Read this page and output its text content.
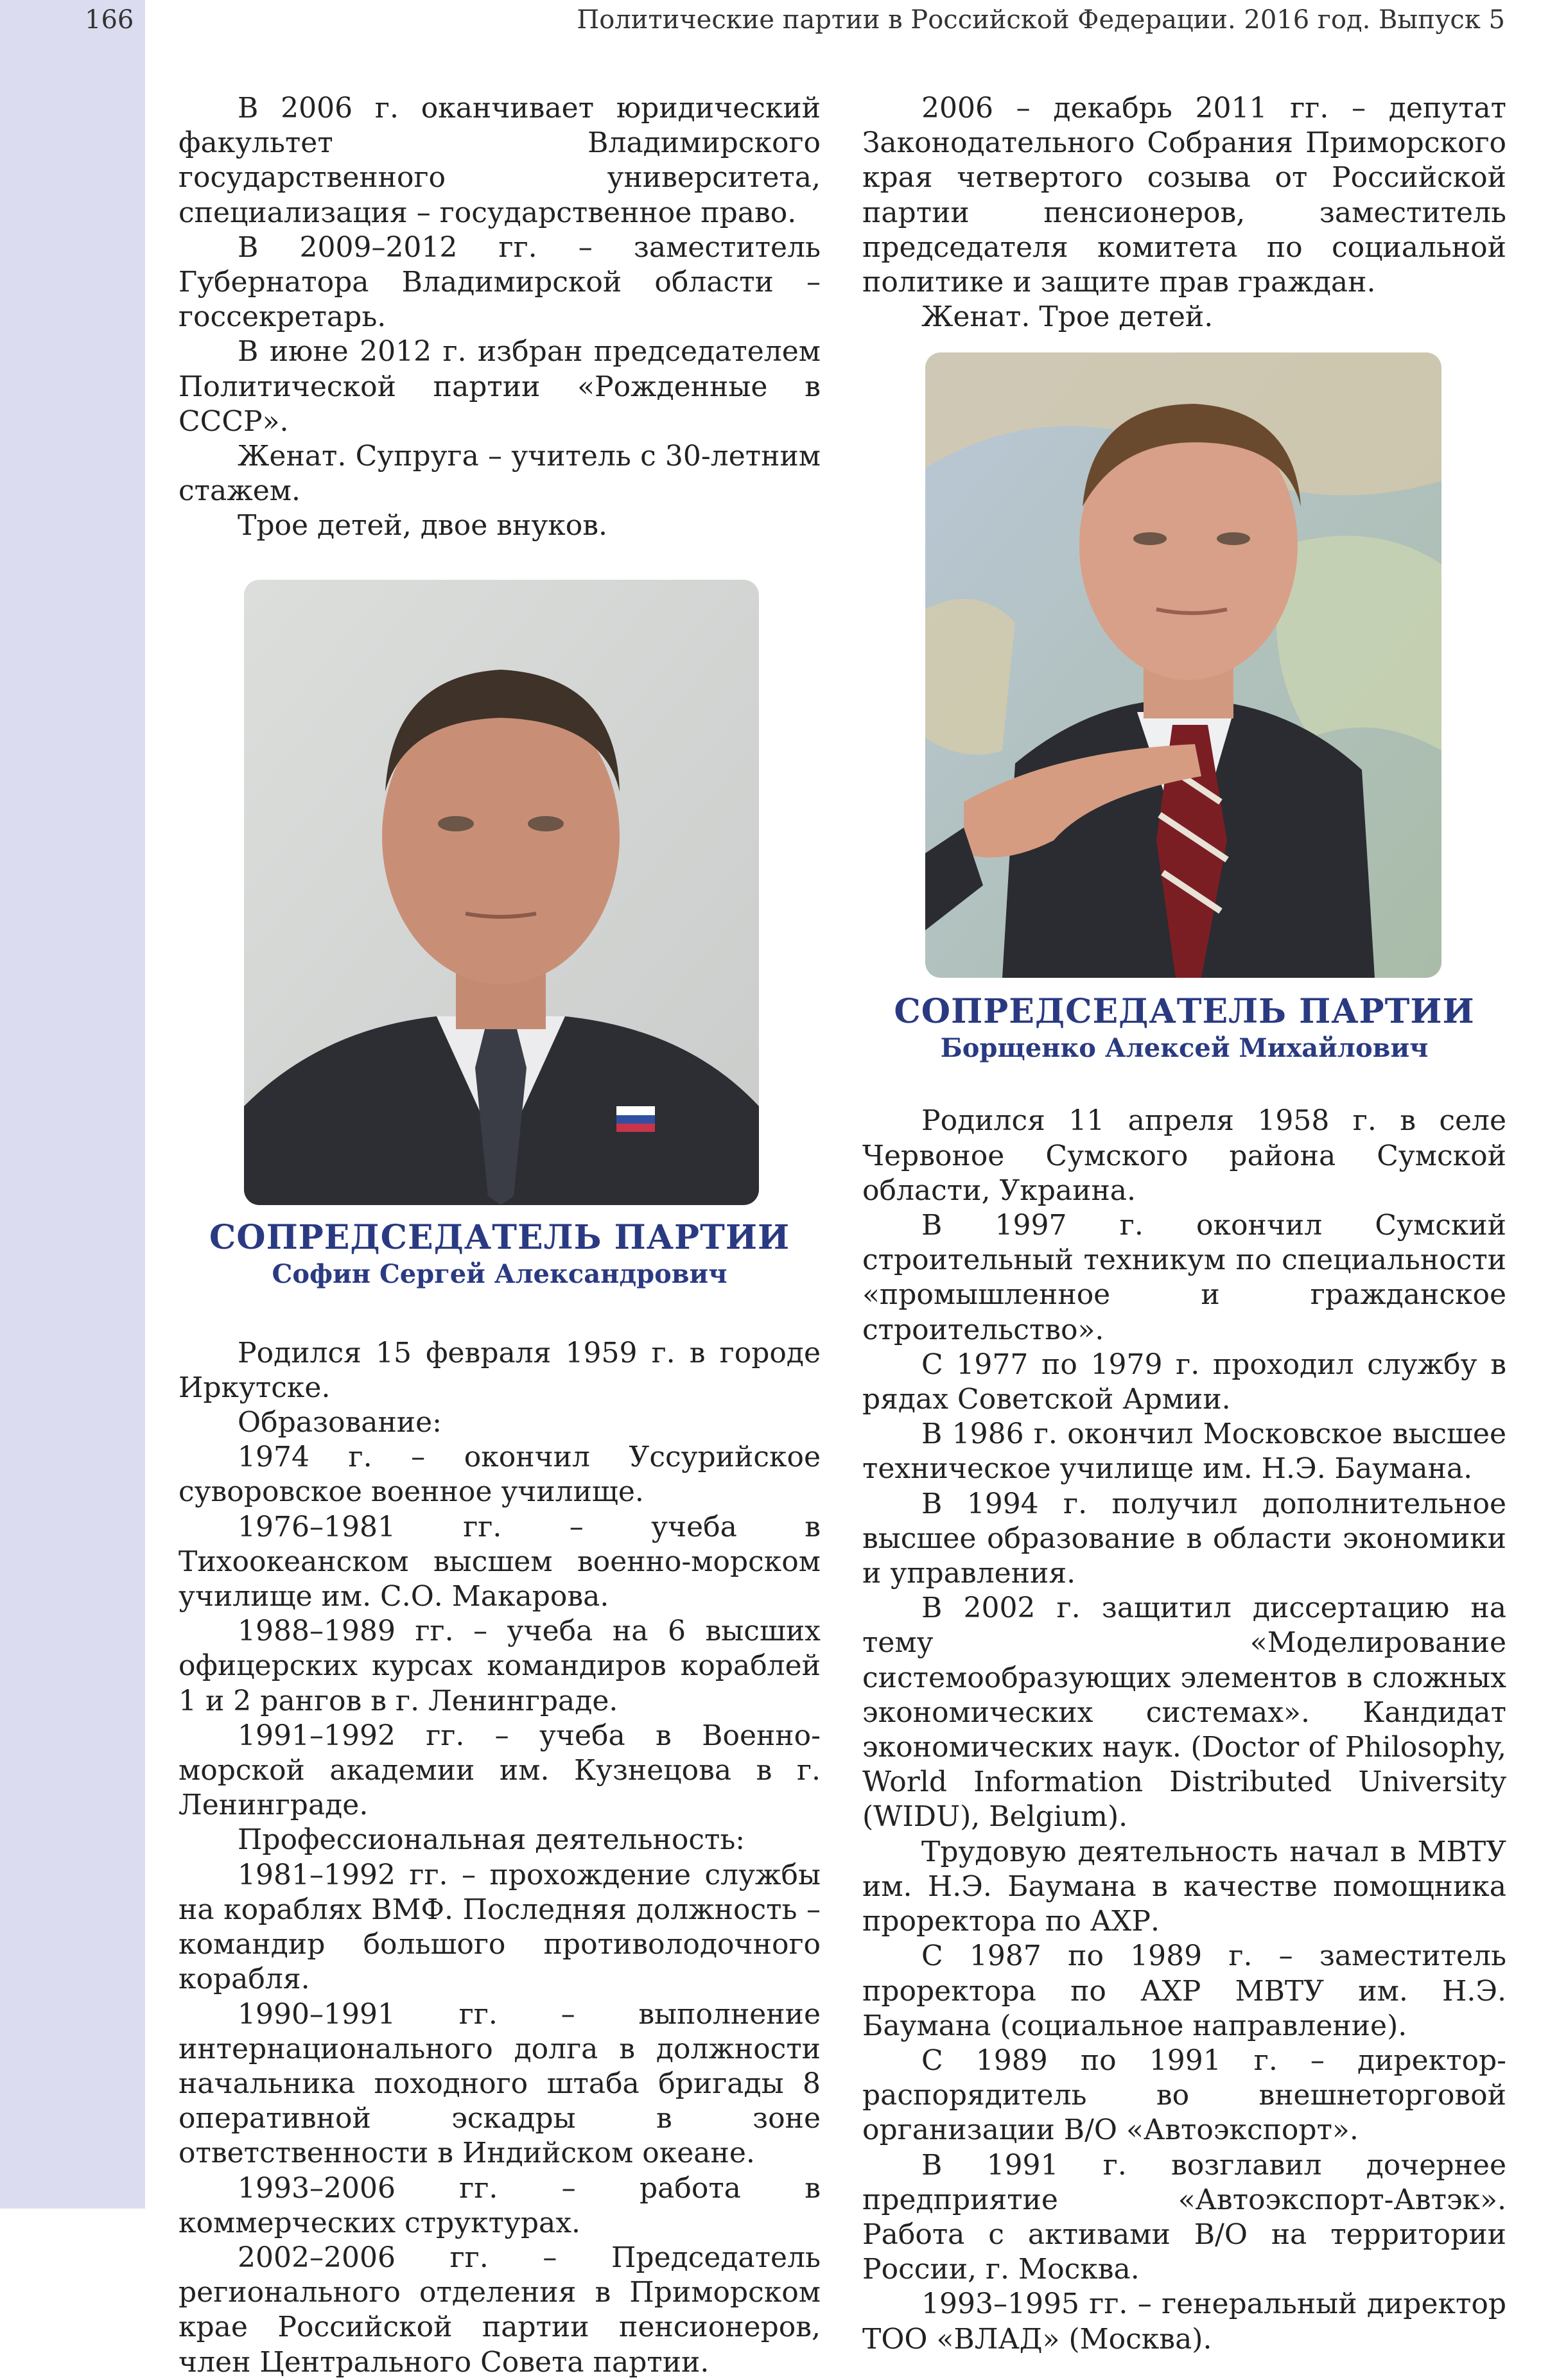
166	Политические партии в Российской Федерации. 2016 год. Выпуск 5

В 2006 г. оканчивает юридический факультет Владимирского государственного университета, специализация – государственное право.

В 2009–2012 гг. – заместитель Губернатора Владимирской области – госсекретарь.

В июне 2012 г. избран председателем Политической партии «Рожденные в СССР».

Женат. Супруга – учитель с 30-летним стажем.

Трое детей, двое внуков.

СОПРЕДСЕДАТЕЛЬ ПАРТИИ
Софин Сергей Александрович

Родился 15 февраля 1959 г. в городе Иркутске.

Образование:

1974 г. – окончил Уссурийское суворовское военное училище.

1976–1981 гг. – учеба в Тихоокеанском высшем военно-морском училище им. С.О. Макарова.

1988–1989 гг. – учеба на 6 высших офицерских курсах командиров кораблей 1 и 2 рангов в г. Ленинграде.

1991–1992 гг. – учеба в Военно-морской академии им. Кузнецова в г. Ленинграде.

Профессиональная деятельность:

1981–1992 гг. – прохождение службы на кораблях ВМФ. Последняя должность – командир большого противолодочного корабля.

1990–1991 гг. – выполнение интернационального долга в должности начальника походного штаба бригады 8 оперативной эскадры в зоне ответственности в Индийском океане.

1993–2006 гг. – работа в коммерческих структурах.

2002–2006 гг. – Председатель регионального отделения в Приморском крае Российской партии пенсионеров, член Центрального Совета партии.

2006 – декабрь 2011 гг. – депутат Законодательного Собрания Приморского края четвертого созыва от Российской партии пенсионеров, заместитель председателя комитета по социальной политике и защите прав граждан.

Женат. Трое детей.

СОПРЕДСЕДАТЕЛЬ ПАРТИИ
Борщенко Алексей Михайлович

Родился 11 апреля 1958 г. в селе Червоное Сумского района Сумской области, Украина.

В 1997 г. окончил Сумский строительный техникум по специальности «промышленное и гражданское строительство».

С 1977 по 1979 г. проходил службу в рядах Советской Армии.

В 1986 г. окончил Московское высшее техническое училище им. Н.Э. Баумана.

В 1994 г. получил дополнительное высшее образование в области экономики и управления.

В 2002 г. защитил диссертацию на тему «Моделирование системообразующих элементов в сложных экономических системах». Кандидат экономических наук. (Doctor of Philosophy, World Information Distributed University (WIDU), Belgium).

Трудовую деятельность начал в МВТУ им. Н.Э. Баумана в качестве помощника проректора по АХР.

С 1987 по 1989 г. – заместитель проректора по АХР МВТУ им. Н.Э. Баумана (социальное направление).

С 1989 по 1991 г. – директор-распорядитель во внешнеторговой организации В/О «Автоэкспорт».

В 1991 г. возглавил дочернее предприятие «Автоэкспорт-Автэк». Работа с активами В/О на территории России, г. Москва.

1993–1995 гг. – генеральный директор ТОО «ВЛАД» (Москва).
